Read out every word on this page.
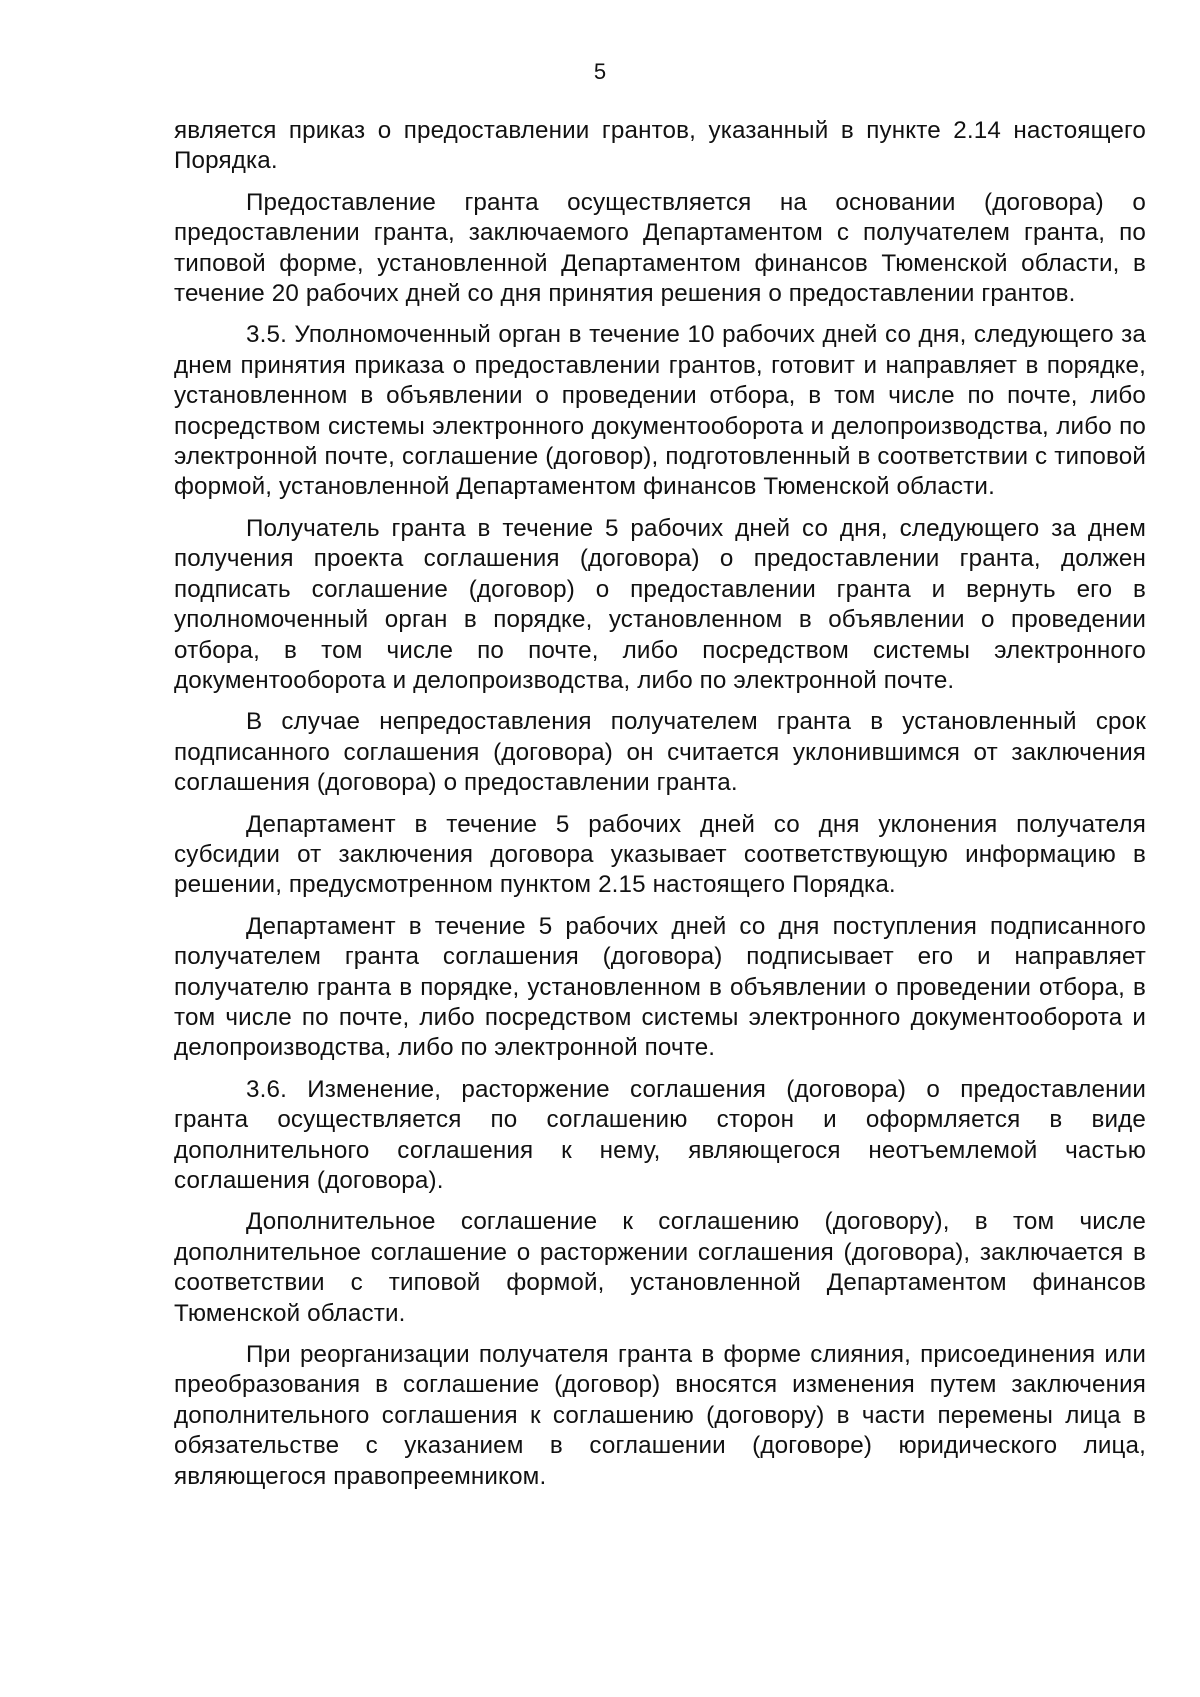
5

является приказ о предоставлении грантов, указанный в пункте 2.14 настоящего Порядка.

Предоставление гранта осуществляется на основании (договора) о предоставлении гранта, заключаемого Департаментом с получателем гранта, по типовой форме, установленной Департаментом финансов Тюменской области, в течение 20 рабочих дней со дня принятия решения о предоставлении грантов.

3.5. Уполномоченный орган в течение 10 рабочих дней со дня, следующего за днем принятия приказа о предоставлении грантов, готовит и направляет в порядке, установленном в объявлении о проведении отбора, в том числе по почте, либо посредством системы электронного документооборота и делопроизводства, либо по электронной почте, соглашение (договор), подготовленный в соответствии с типовой формой, установленной Департаментом финансов Тюменской области.

Получатель гранта в течение 5 рабочих дней со дня, следующего за днем получения проекта соглашения (договора) о предоставлении гранта, должен подписать соглашение (договор) о предоставлении гранта и вернуть его в уполномоченный орган в порядке, установленном в объявлении о проведении отбора, в том числе по почте, либо посредством системы электронного документооборота и делопроизводства, либо по электронной почте.

В случае непредоставления получателем гранта в установленный срок подписанного соглашения (договора) он считается уклонившимся от заключения соглашения (договора) о предоставлении гранта.

Департамент в течение 5 рабочих дней со дня уклонения получателя субсидии от заключения договора указывает соответствующую информацию в решении, предусмотренном пунктом 2.15 настоящего Порядка.

Департамент в течение 5 рабочих дней со дня поступления подписанного получателем гранта соглашения (договора) подписывает его и направляет получателю гранта в порядке, установленном в объявлении о проведении отбора, в том числе по почте, либо посредством системы электронного документооборота и делопроизводства, либо по электронной почте.

3.6. Изменение, расторжение соглашения (договора) о предоставлении гранта осуществляется по соглашению сторон и оформляется в виде дополнительного соглашения к нему, являющегося неотъемлемой частью соглашения (договора).

Дополнительное соглашение к соглашению (договору), в том числе дополнительное соглашение о расторжении соглашения (договора), заключается в соответствии с типовой формой, установленной Департаментом финансов Тюменской области.

При реорганизации получателя гранта в форме слияния, присоединения или преобразования в соглашение (договор) вносятся изменения путем заключения дополнительного соглашения к соглашению (договору) в части перемены лица в обязательстве с указанием в соглашении (договоре) юридического лица, являющегося правопреемником.
